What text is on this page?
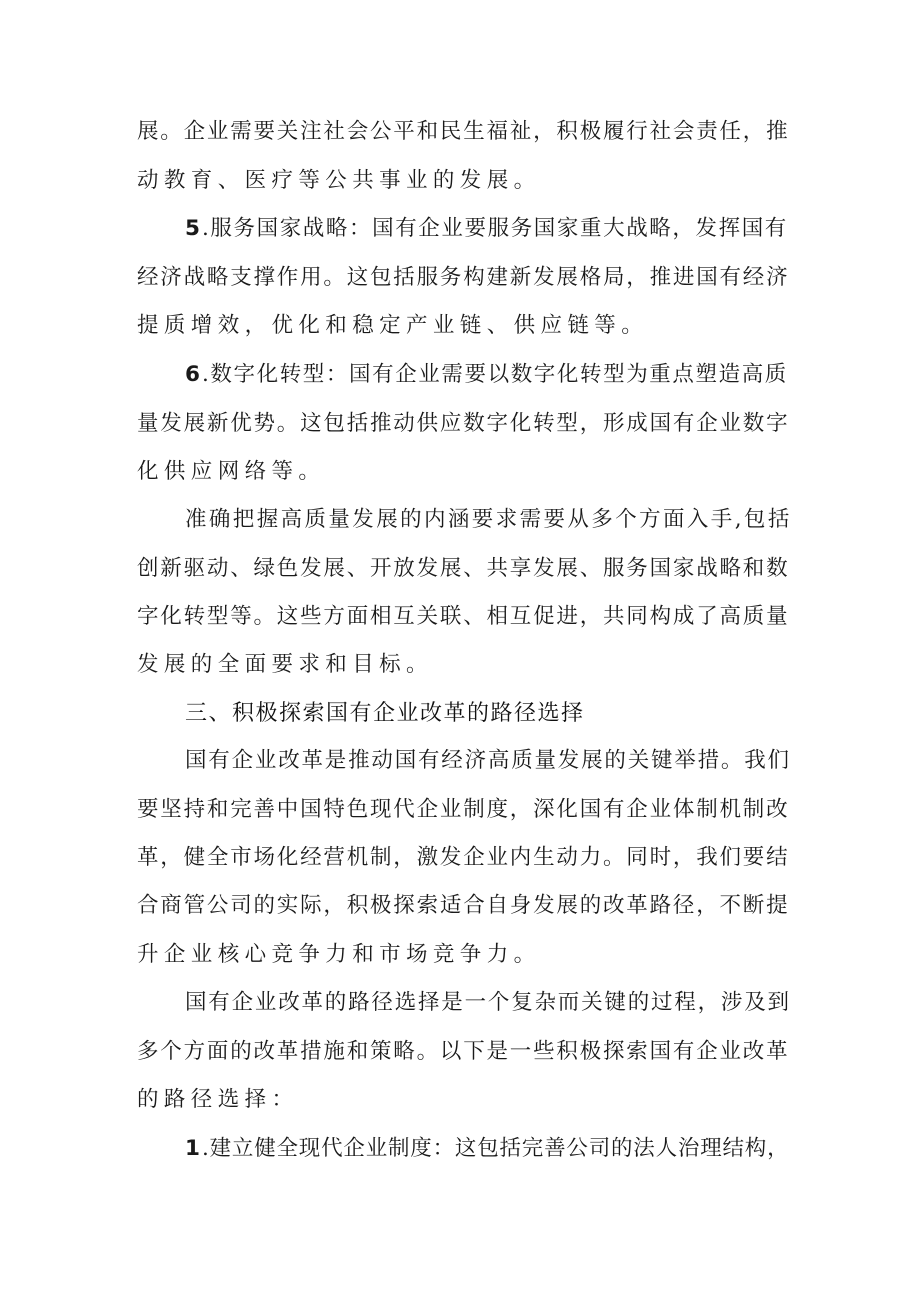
展。企业需要关注社会公平和民生福祉，积极履行社会责任，推
动教育、医疗等公共事业的发展。
5.服务国家战略：国有企业要服务国家重大战略，发挥国有
经济战略支撑作用。这包括服务构建新发展格局，推进国有经济
提质增效，优化和稳定产业链、供应链等。
6.数字化转型：国有企业需要以数字化转型为重点塑造高质
量发展新优势。这包括推动供应数字化转型，形成国有企业数字
化供应网络等。
准确把握高质量发展的内涵要求需要从多个方面入手,包括
创新驱动、绿色发展、开放发展、共享发展、服务国家战略和数
字化转型等。这些方面相互关联、相互促进，共同构成了高质量
发展的全面要求和目标。
三、积极探索国有企业改革的路径选择
国有企业改革是推动国有经济高质量发展的关键举措。我们
要坚持和完善中国特色现代企业制度，深化国有企业体制机制改
革，健全市场化经营机制，激发企业内生动力。同时，我们要结
合商管公司的实际，积极探索适合自身发展的改革路径，不断提
升企业核心竞争力和市场竞争力。
国有企业改革的路径选择是一个复杂而关键的过程，涉及到
多个方面的改革措施和策略。以下是一些积极探索国有企业改革
的路径选择：
1.建立健全现代企业制度：这包括完善公司的法人治理结构，
